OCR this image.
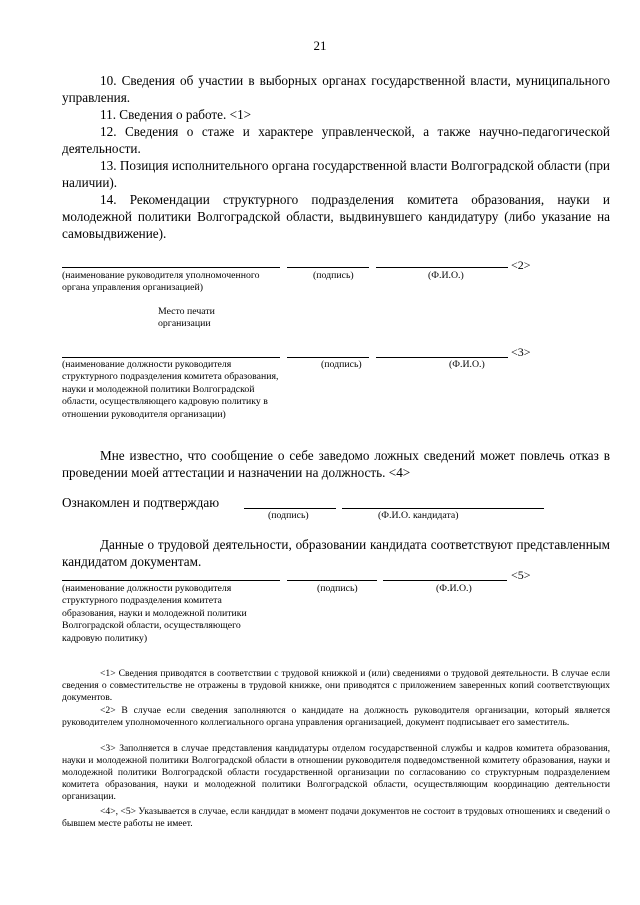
21

10. Сведения об участии в выборных органах государственной власти, муниципального управления.

11. Сведения о работе. <1>

12. Сведения о стаже и характере управленческой, а также научно-педагогической деятельности.

13. Позиция исполнительного органа государственной власти Волгоградской области (при наличии).

14. Рекомендации структурного подразделения комитета образования, науки и молодежной политики Волгоградской области, выдвинувшего кандидатуру (либо указание на самовыдвижение).

<2>

(наименование руководителя уполномоченного органа управления организацией)

(подпись)	(Ф.И.О.)

Место печати организации

<3>

(наименование должности руководителя структурного подразделения комитета образования, науки и молодежной политики Волгоградской области, осуществляющего кадровую политику в отношении руководителя организации)

(подпись)	(Ф.И.О.)

Мне известно, что сообщение о себе заведомо ложных сведений может повлечь отказ в проведении моей аттестации и назначении на должность. <4>

Ознакомлен и подтверждаю
(подпись)	(Ф.И.О. кандидата)

Данные о трудовой деятельности, образовании кандидата соответствуют представленным кандидатом документам.

<5>

(наименование должности руководителя структурного подразделения комитета образования, науки и молодежной политики Волгоградской области, осуществляющего кадровую политику)

(подпись)	(Ф.И.О.)

<1> Сведения приводятся в соответствии с трудовой книжкой и (или) сведениями о трудовой деятельности. В случае если сведения о совместительстве не отражены в трудовой книжке, они приводятся с приложением заверенных копий соответствующих документов.

<2> В случае если сведения заполняются о кандидате на должность руководителя организации, который является руководителем уполномоченного коллегиального органа управления организацией, документ подписывает его заместитель.

<3> Заполняется в случае представления кандидатуры отделом государственной службы и кадров комитета образования, науки и молодежной политики Волгоградской области в отношении руководителя подведомственной комитету образования, науки и молодежной политики Волгоградской области государственной организации по согласованию со структурным подразделением комитета образования, науки и молодежной политики Волгоградской области, осуществляющим координацию деятельности организации.

<4>, <5> Указывается в случае, если кандидат в момент подачи документов не состоит в трудовых отношениях и сведений о бывшем месте работы не имеет.
